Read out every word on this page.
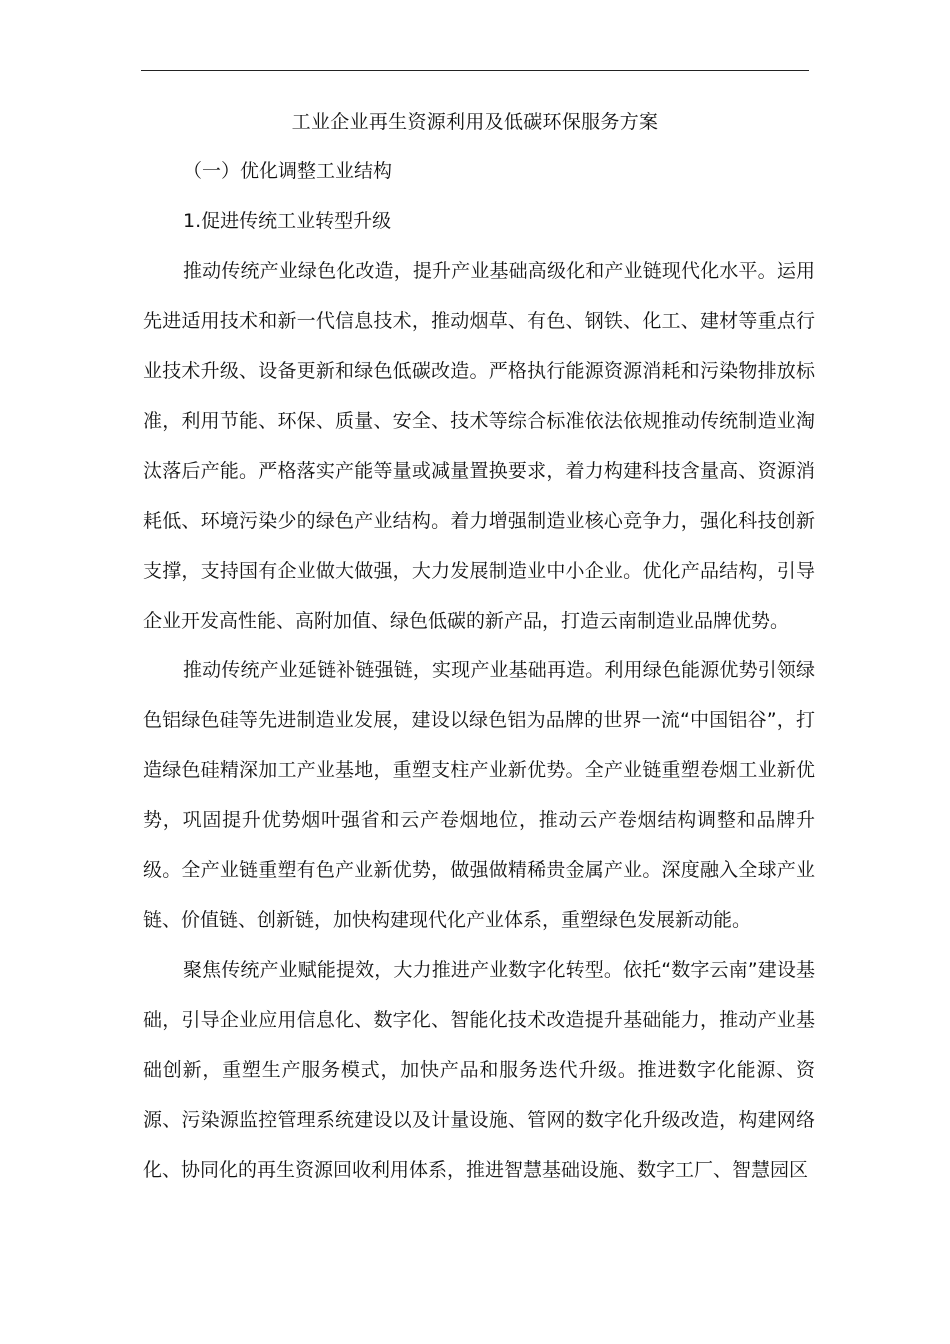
工业企业再生资源利用及低碳环保服务方案
（一）优化调整工业结构
1.促进传统工业转型升级

推动传统产业绿色化改造，提升产业基础高级化和产业链现代化水平。运用先进适用技术和新一代信息技术，推动烟草、有色、钢铁、化工、建材等重点行业技术升级、设备更新和绿色低碳改造。严格执行能源资源消耗和污染物排放标准，利用节能、环保、质量、安全、技术等综合标准依法依规推动传统制造业淘汰落后产能。严格落实产能等量或减量置换要求，着力构建科技含量高、资源消耗低、环境污染少的绿色产业结构。着力增强制造业核心竞争力，强化科技创新支撑，支持国有企业做大做强，大力发展制造业中小企业。优化产品结构，引导企业开发高性能、高附加值、绿色低碳的新产品，打造云南制造业品牌优势。

推动传统产业延链补链强链，实现产业基础再造。利用绿色能源优势引领绿色铝绿色硅等先进制造业发展，建设以绿色铝为品牌的世界一流“中国铝谷”，打造绿色硅精深加工产业基地，重塑支柱产业新优势。全产业链重塑卷烟工业新优势，巩固提升优势烟叶强省和云产卷烟地位，推动云产卷烟结构调整和品牌升级。全产业链重塑有色产业新优势，做强做精稀贵金属产业。深度融入全球产业链、价值链、创新链，加快构建现代化产业体系，重塑绿色发展新动能。

聚焦传统产业赋能提效，大力推进产业数字化转型。依托“数字云南”建设基础，引导企业应用信息化、数字化、智能化技术改造提升基础能力，推动产业基础创新，重塑生产服务模式，加快产品和服务迭代升级。推进数字化能源、资源、污染源监控管理系统建设以及计量设施、管网的数字化升级改造，构建网络化、协同化的再生资源回收利用体系，推进智慧基础设施、数字工厂、智慧园区
